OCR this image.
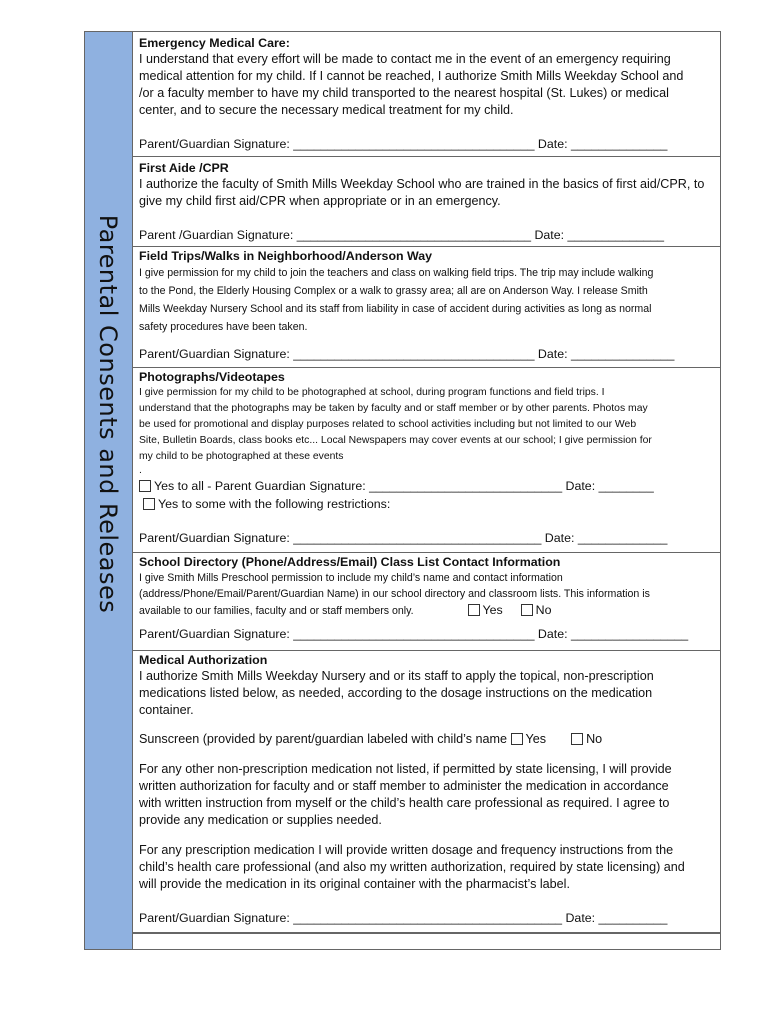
Parental Consents and Releases
Emergency Medical Care:

I understand that every effort will be made to contact me in the event of an emergency requiring

medical attention for my child. If I cannot be reached, I authorize Smith Mills Weekday School and

/or a faculty member to have my child transported to the nearest hospital (St. Lukes) or medical

center, and to secure the necessary medical treatment for my child.

Parent/Guardian Signature: ___________________________________ Date: ______________
First Aide /CPR

I authorize the faculty of Smith Mills Weekday School who are trained in the basics of first aid/CPR, to

give my child first aid/CPR when appropriate or in an emergency.

Parent /Guardian Signature: __________________________________ Date: ______________
Field Trips/Walks in Neighborhood/Anderson Way

I give permission for my child to join the teachers and class on walking field trips. The trip may include walking

to the Pond, the Elderly Housing Complex or a walk to grassy area; all are on Anderson Way. I release Smith

Mills Weekday Nursery School and its staff from liability in case of accident during activities as long as normal

safety procedures have been taken.

Parent/Guardian Signature: ___________________________________ Date: _______________
Photographs/Videotapes

I give permission for my child to be photographed at school, during program functions and field trips. I

understand that the photographs may be taken by faculty and or staff member or by other parents. Photos may

be used for promotional and display purposes related to school activities including but not limited to our Web

Site, Bulletin Boards, class books etc... Local Newspapers may cover events at our school; I give permission for

my child to be photographed at these events

.

Yes to all - Parent Guardian Signature: ____________________________ Date: ________
Yes to some with the following restrictions:
Parent/Guardian Signature: ____________________________________ Date: _____________
School Directory (Phone/Address/Email) Class List Contact Information

I give Smith Mills Preschool permission to include my child’s name and contact information

(address/Phone/Email/Parent/Guardian Name) in our school directory and classroom lists. This information is

available to our families, faculty and or staff members only.	Yes	No

Parent/Guardian Signature: ___________________________________ Date: _________________
Medical Authorization

I authorize Smith Mills Weekday Nursery and or its staff to apply the topical, non-prescription

medications listed below, as needed, according to the dosage instructions on the medication

container.

Sunscreen (provided by parent/guardian labeled with child’s name Yes	No

For any other non-prescription medication not listed, if permitted by state licensing, I will provide

written authorization for faculty and or staff member to administer the medication in accordance

with written instruction from myself or the child’s health care professional as required. I agree to

provide any medication or supplies needed.

For any prescription medication I will provide written dosage and frequency instructions from the

child’s health care professional (and also my written authorization, required by state licensing) and

will provide the medication in its original container with the pharmacist’s label.

Parent/Guardian Signature: _______________________________________ Date: __________
